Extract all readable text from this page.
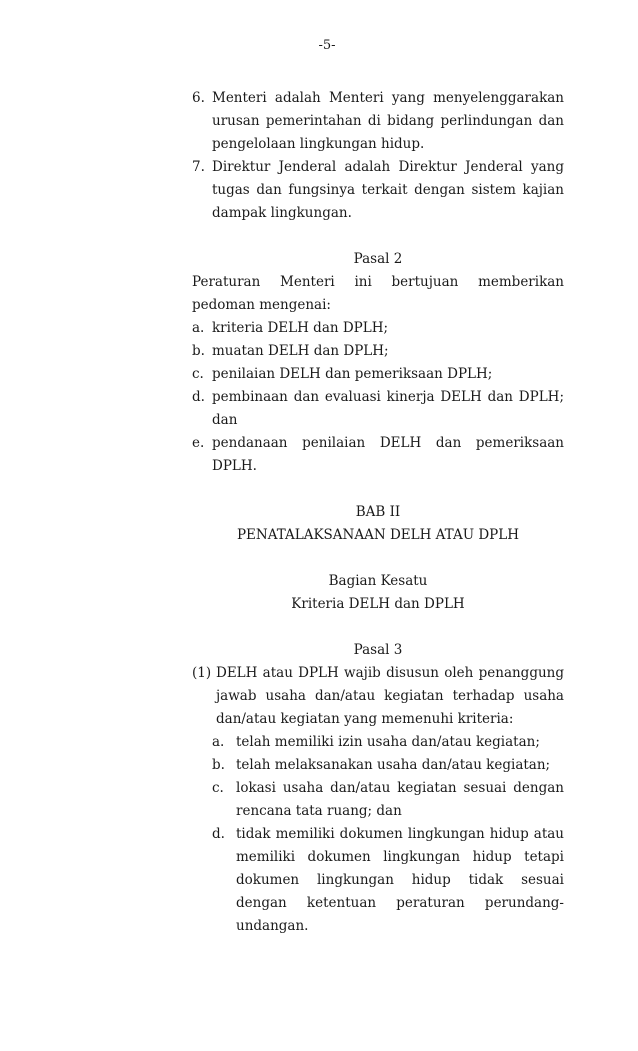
-5-
6. Menteri adalah Menteri yang menyelenggarakan urusan pemerintahan di bidang perlindungan dan pengelolaan lingkungan hidup.
7. Direktur Jenderal adalah Direktur Jenderal yang tugas dan fungsinya terkait dengan sistem kajian dampak lingkungan.
Pasal 2
Peraturan Menteri ini bertujuan memberikan pedoman mengenai:
a. kriteria DELH dan DPLH;
b. muatan DELH dan DPLH;
c. penilaian DELH dan pemeriksaan DPLH;
d. pembinaan dan evaluasi kinerja DELH dan DPLH; dan
e. pendanaan penilaian DELH dan pemeriksaan DPLH.
BAB II
PENATALAKSANAAN DELH ATAU DPLH
Bagian Kesatu
Kriteria DELH dan DPLH
Pasal 3
(1) DELH atau DPLH wajib disusun oleh penanggung jawab usaha dan/atau kegiatan terhadap usaha dan/atau kegiatan yang memenuhi kriteria:
a. telah memiliki izin usaha dan/atau kegiatan;
b. telah melaksanakan usaha dan/atau kegiatan;
c. lokasi usaha dan/atau kegiatan sesuai dengan rencana tata ruang; dan
d. tidak memiliki dokumen lingkungan hidup atau memiliki dokumen lingkungan hidup tetapi dokumen lingkungan hidup tidak sesuai dengan ketentuan peraturan perundang-undangan.
